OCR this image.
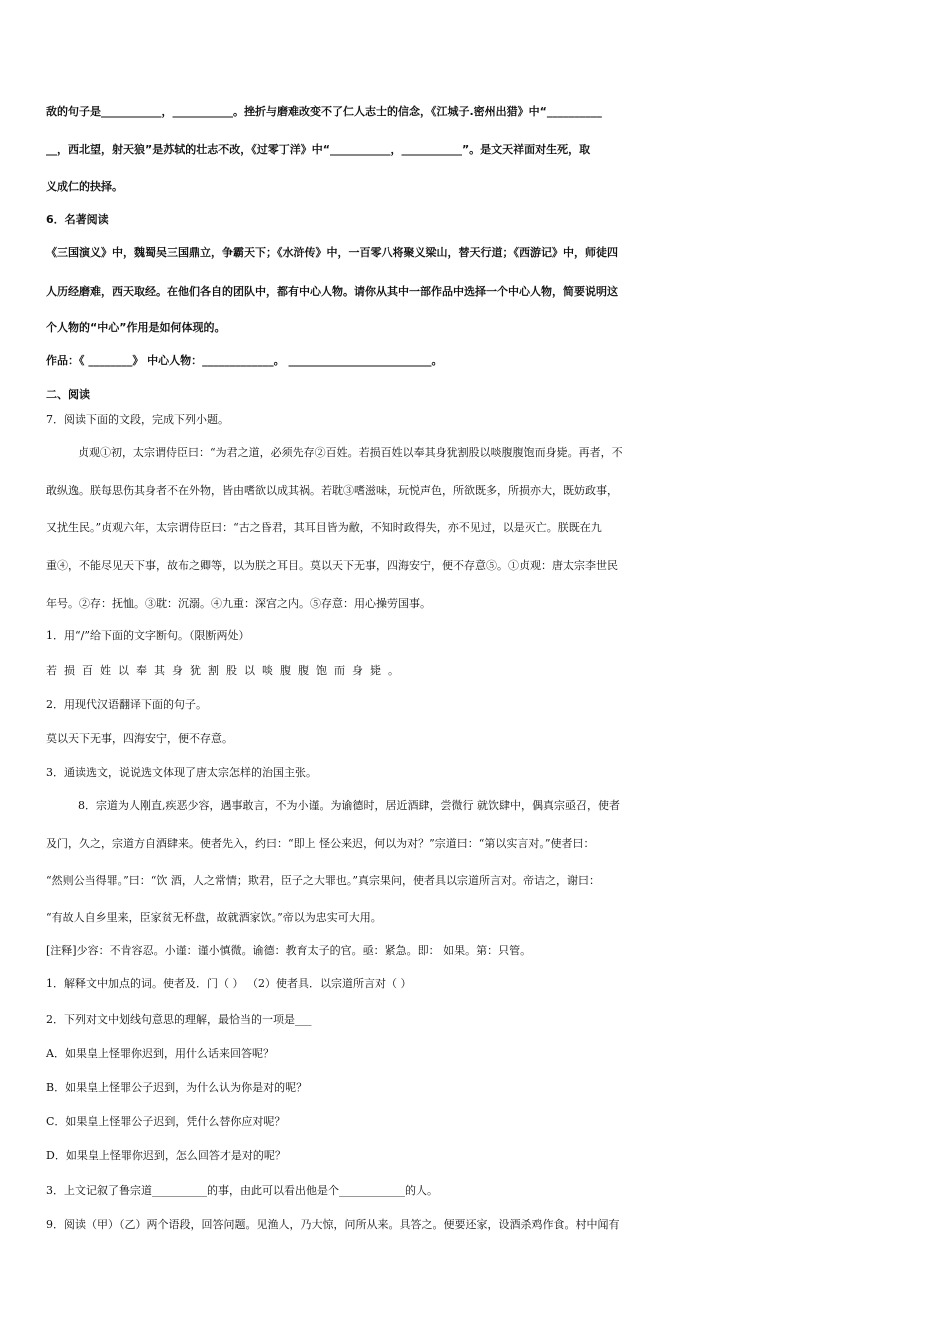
敌的句子是___________，___________。挫折与磨难改变不了仁人志士的信念，《江城子.密州出猎》中“__________
__，西北望，射天狼”是苏轼的壮志不改，《过零丁洋》中“___________，___________”。是文天祥面对生死，取
义成仁的抉择。
6．名著阅读
《三国演义》中，魏蜀吴三国鼎立，争霸天下；《水浒传》中，一百零八将聚义梁山，替天行道；《西游记》中，师徒四
人历经磨难，西天取经。在他们各自的团队中，都有中心人物。请你从其中一部作品中选择一个中心人物，简要说明这
个人物的“中心”作用是如何体现的。
作品：《 ________》 中心人物：_____________。 __________________________。
二、阅读
7．阅读下面的文段，完成下列小题。
贞观①初，太宗谓侍臣曰：“为君之道，必须先存②百姓。若损百姓以奉其身犹割股以啖腹腹饱而身毙。再者，不
敢纵逸。朕每思伤其身者不在外物，皆由嗜欲以成其祸。若耽③嗜滋味，玩悦声色，所欲既多，所损亦大，既妨政事，
又扰生民。”贞观六年，太宗谓侍臣曰：“古之昏君，其耳目皆为敝，不知时政得失，亦不见过，以是灭亡。朕既在九
重④，不能尽见天下事，故布之卿等，以为朕之耳目。莫以天下无事，四海安宁，便不存意⑤。①贞观：唐太宗李世民
年号。②存：抚恤。③耽：沉溺。④九重：深宫之内。⑤存意：用心操劳国事。
1．用“/”给下面的文字断句。（限断两处）
若损百姓以奉其身犹割股以啖腹腹饱而身毙。
2．用现代汉语翻译下面的句子。
莫以天下无事，四海安宁，便不存意。
3．通读选文，说说选文体现了唐太宗怎样的治国主张。
8．宗道为人刚直,疾恶少容，遇事敢言，不为小谨。为谕德时，居近酒肆，尝微行 就饮肆中，偶真宗亟召，使者
及门，久之，宗道方自酒肆来。使者先入，约曰：“即上 怪公来迟，何以为对？”宗道曰：“第以实言对。”使者曰：
“然则公当得罪。”曰：“饮 酒，人之常情；欺君，臣子之大罪也。”真宗果问，使者具以宗道所言对。帝诘之，谢曰：
“有故人自乡里来，臣家贫无杯盘，故就酒家饮。”帝以为忠实可大用。
[注释]少容：不肯容忍。小谨：谨小慎微。谕德：教育太子的官。亟：紧急。即： 如果。第：只管。
1．解释文中加点的词。使者及．门（ ） （2）使者具．以宗道所言对（ ）
2．下列对文中划线句意思的理解，最恰当的一项是___
A．如果皇上怪罪你迟到，用什么话来回答呢？
B．如果皇上怪罪公子迟到，为什么认为你是对的呢？
C．如果皇上怪罪公子迟到，凭什么替你应对呢？
D．如果皇上怪罪你迟到，怎么回答才是对的呢？
3．上文记叙了鲁宗道__________的事，由此可以看出他是个____________的人。
9．阅读（甲）（乙）两个语段，回答问题。见渔人，乃大惊，问所从来。具答之。便要还家，设酒杀鸡作食。村中闻有
